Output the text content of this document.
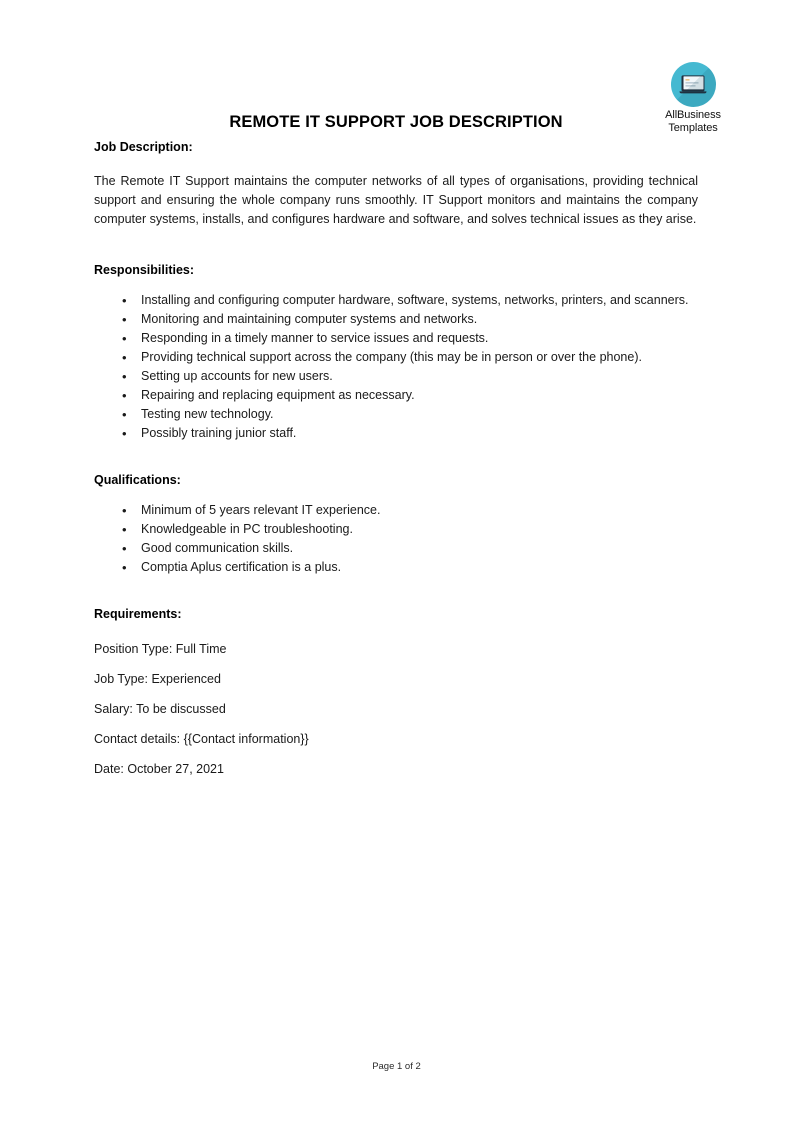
AllBusiness
Templates
REMOTE IT SUPPORT JOB DESCRIPTION
Job Description:

The Remote IT Support maintains the computer networks of all types of organisations, providing technical support and ensuring the whole company runs smoothly. IT Support monitors and maintains the company computer systems, installs, and configures hardware and software, and solves technical issues as they arise.

Responsibilities:
• Installing and configuring computer hardware, software, systems, networks, printers, and scanners.
• Monitoring and maintaining computer systems and networks.
• Responding in a timely manner to service issues and requests.
• Providing technical support across the company (this may be in person or over the phone).
• Setting up accounts for new users.
• Repairing and replacing equipment as necessary.
• Testing new technology.
• Possibly training junior staff.
Qualifications:
• Minimum of 5 years relevant IT experience.
• Knowledgeable in PC troubleshooting.
• Good communication skills.
• Comptia Aplus certification is a plus.
Requirements:

Position Type: Full Time

Job Type: Experienced

Salary: To be discussed

Contact details: {{Contact information}}

Date: October 27, 2021

Page 1 of 2
